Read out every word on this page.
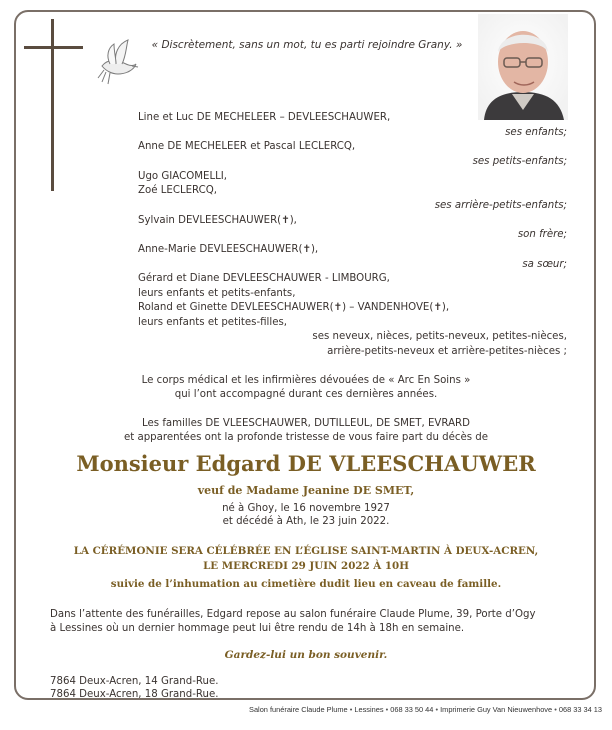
« Discrètement, sans un mot, tu es parti rejoindre Grany. »
Line et Luc DE MECHELEER – DEVLEESCHAUWER,
ses enfants;
Anne DE MECHELEER et Pascal LECLERCQ,
ses petits-enfants;
Ugo GIACOMELLI,
Zoé LECLERCQ,
ses arrière-petits-enfants;
Sylvain DEVLEESCHAUWER(✝),
son frère;
Anne-Marie DEVLEESCHAUWER(✝),
sa sœur;
Gérard et Diane DEVLEESCHAUWER - LIMBOURG,
leurs enfants et petits-enfants,
Roland et Ginette DEVLEESCHAUWER(✝) – VANDENHOVE(✝),
leurs enfants et petites-filles,
ses neveux, nièces, petits-neveux, petites-nièces,
arrière-petits-neveux et arrière-petites-nièces ;
Le corps médical et les infirmières dévouées de « Arc En Soins »
qui l’ont accompagné durant ces dernières années.
Les familles DE VLEESCHAUWER, DUTILLEUL, DE SMET, EVRARD
et apparentées ont la profonde tristesse de vous faire part du décès de
Monsieur Edgard DE VLEESCHAUWER
veuf de Madame Jeanine DE SMET,
né à Ghoy, le 16 novembre 1927
et décédé à Ath, le 23 juin 2022.
LA CÉRÉMONIE SERA CÉLÉBRÉE EN L’ÉGLISE SAINT-MARTIN À DEUX-ACREN,
LE MERCREDI 29 JUIN 2022 À 10H
suivie de l’inhumation au cimetière dudit lieu en caveau de famille.
Dans l’attente des funérailles, Edgard repose au salon funéraire Claude Plume, 39, Porte d’Ogy
à Lessines où un dernier hommage peut lui être rendu de 14h à 18h en semaine.
Gardez-lui un bon souvenir.
7864 Deux-Acren, 14 Grand-Rue.
7864 Deux-Acren, 18 Grand-Rue.
Salon funéraire Claude Plume • Lessines • 068 33 50 44 • Imprimerie Guy Van Nieuwenhove • 068 33 34 13
